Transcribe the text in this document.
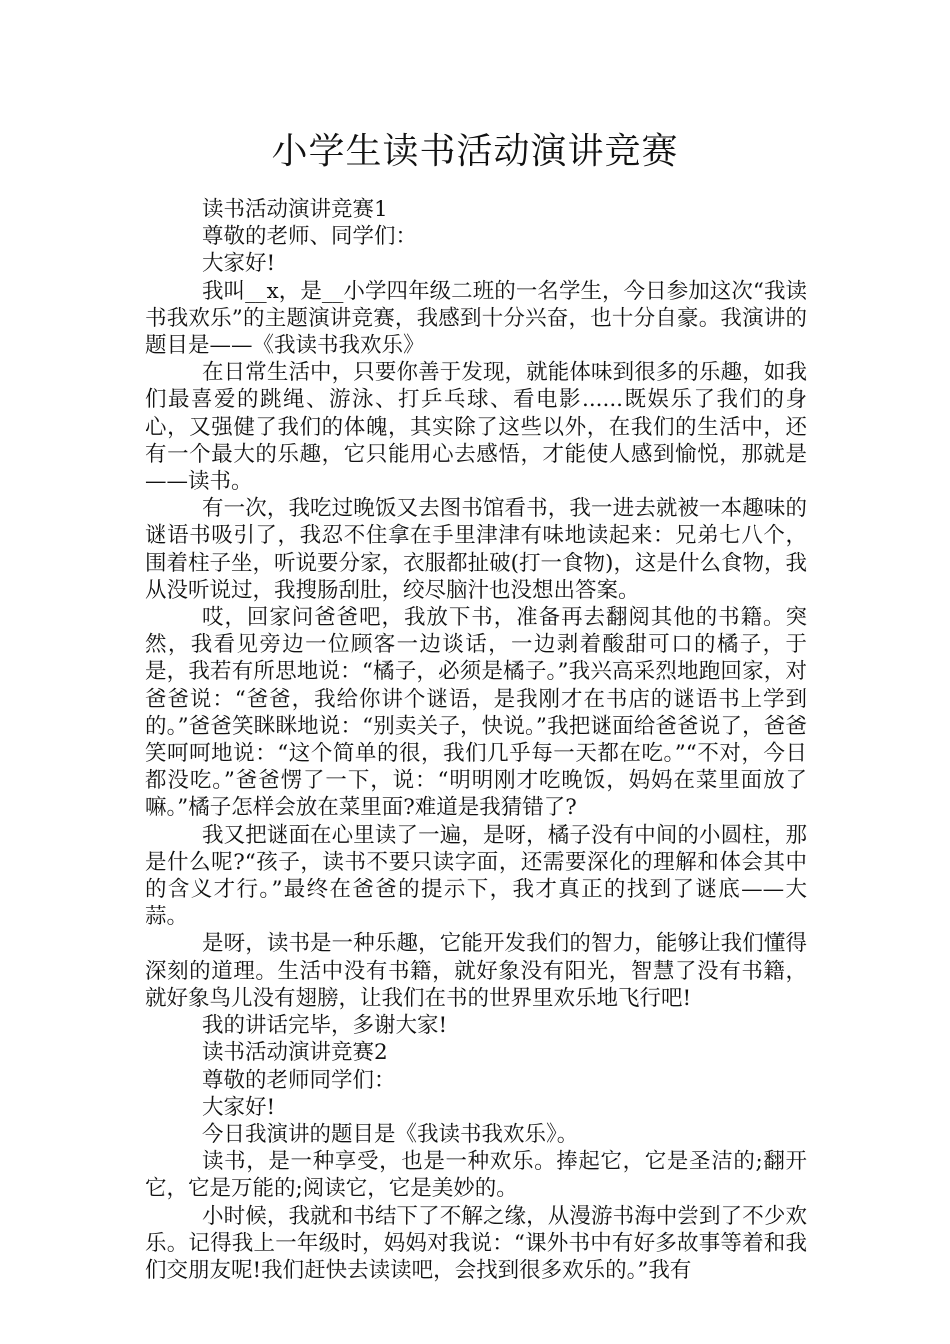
小学生读书活动演讲竞赛

读书活动演讲竞赛1

尊敬的老师、同学们：

大家好!

我叫__x，是__小学四年级二班的一名学生，今日参加这次“我读书我欢乐”的主题演讲竞赛，我感到十分兴奋，也十分自豪。我演讲的题目是——《我读书我欢乐》

在日常生活中，只要你善于发现，就能体味到很多的乐趣，如我们最喜爱的跳绳、游泳、打乒乓球、看电影......既娱乐了我们的身心，又强健了我们的体魄，其实除了这些以外，在我们的生活中，还有一个最大的乐趣，它只能用心去感悟，才能使人感到愉悦，那就是——读书。

有一次，我吃过晚饭又去图书馆看书，我一进去就被一本趣味的谜语书吸引了，我忍不住拿在手里津津有味地读起来：兄弟七八个，围着柱子坐，听说要分家，衣服都扯破(打一食物)，这是什么食物，我从没听说过，我搜肠刮肚，绞尽脑汁也没想出答案。

哎，回家问爸爸吧，我放下书，准备再去翻阅其他的书籍。突然，我看见旁边一位顾客一边谈话，一边剥着酸甜可口的橘子，于是，我若有所思地说：“橘子，必须是橘子。”我兴高采烈地跑回家，对爸爸说：“爸爸，我给你讲个谜语，是我刚才在书店的谜语书上学到的。”爸爸笑眯眯地说：“别卖关子，快说。”我把谜面给爸爸说了，爸爸笑呵呵地说：“这个简单的很，我们几乎每一天都在吃。”“不对，今日都没吃。”爸爸愣了一下，说：“明明刚才吃晚饭，妈妈在菜里面放了嘛。”橘子怎样会放在菜里面?难道是我猜错了?

我又把谜面在心里读了一遍，是呀，橘子没有中间的小圆柱，那是什么呢?“孩子，读书不要只读字面，还需要深化的理解和体会其中的含义才行。”最终在爸爸的提示下，我才真正的找到了谜底——大蒜。

是呀，读书是一种乐趣，它能开发我们的智力，能够让我们懂得深刻的道理。生活中没有书籍，就好象没有阳光，智慧了没有书籍，就好象鸟儿没有翅膀，让我们在书的世界里欢乐地飞行吧!

我的讲话完毕，多谢大家!

读书活动演讲竞赛2

尊敬的老师同学们：

大家好!

今日我演讲的题目是《我读书我欢乐》。

读书，是一种享受，也是一种欢乐。捧起它，它是圣洁的;翻开它，它是万能的;阅读它，它是美妙的。

小时候，我就和书结下了不解之缘，从漫游书海中尝到了不少欢乐。记得我上一年级时，妈妈对我说：“课外书中有好多故事等着和我们交朋友呢!我们赶快去读读吧，会找到很多欢乐的。”我有
